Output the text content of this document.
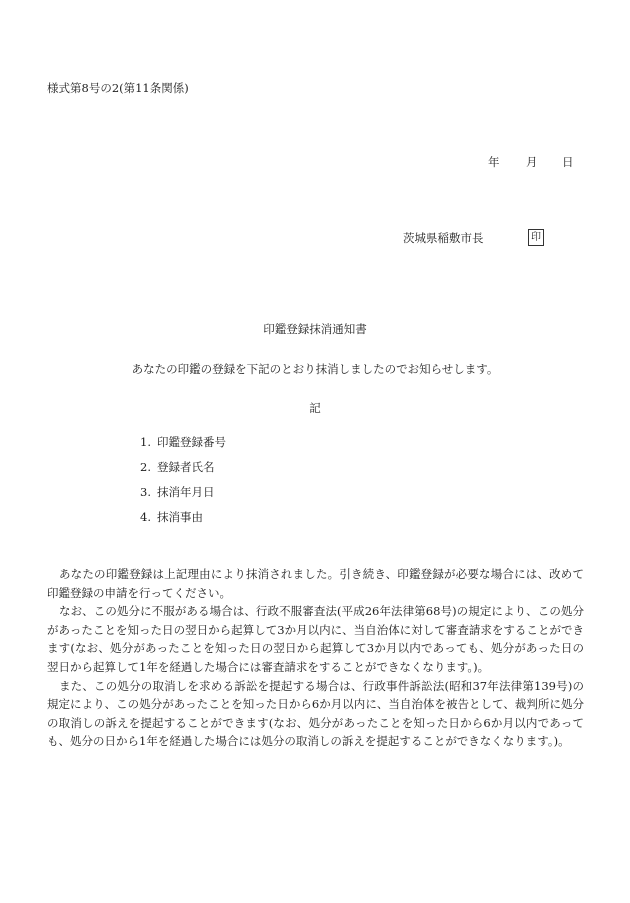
様式第8号の2(第11条関係)
年 月 日
茨城県稲敷市長	印
印鑑登録抹消通知書
あなたの印鑑の登録を下記のとおり抹消しましたのでお知らせします。
記
1. 印鑑登録番号
2. 登録者氏名
3. 抹消年月日
4. 抹消事由

あなたの印鑑登録は上記理由により抹消されました。引き続き、印鑑登録が必要な場合には、改めて印鑑登録の申請を行ってください。

なお、この処分に不服がある場合は、行政不服審査法(平成26年法律第68号)の規定により、この処分があったことを知った日の翌日から起算して3か月以内に、当自治体に対して審査請求をすることができます(なお、処分があったことを知った日の翌日から起算して3か月以内であっても、処分があった日の翌日から起算して1年を経過した場合には審査請求をすることができなくなります。)。

また、この処分の取消しを求める訴訟を提起する場合は、行政事件訴訟法(昭和37年法律第139号)の規定により、この処分があったことを知った日から6か月以内に、当自治体を被告として、裁判所に処分の取消しの訴えを提起することができます(なお、処分があったことを知った日から6か月以内であっても、処分の日から1年を経過した場合には処分の取消しの訴えを提起することができなくなります。)。
